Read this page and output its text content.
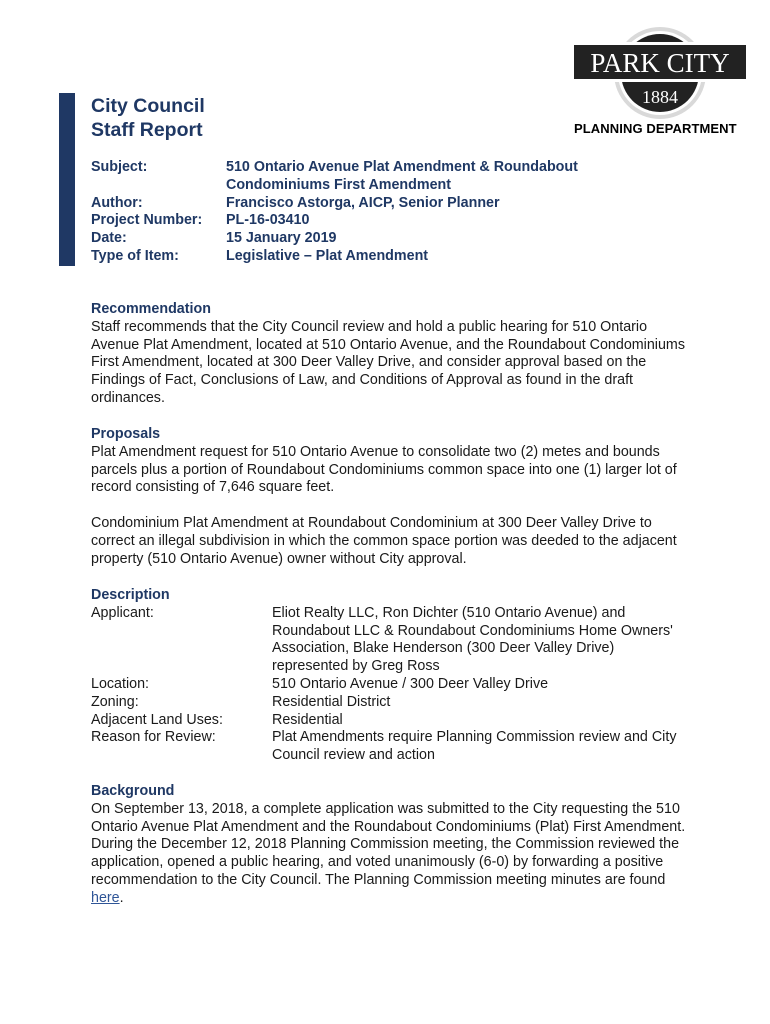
City Council
Staff Report
PARK CITY
1884
PLANNING DEPARTMENT
Subject:	510 Ontario Avenue Plat Amendment & Roundabout Condominiums First Amendment
Author:	Francisco Astorga, AICP, Senior Planner
Project Number:	PL-16-03410
Date:	15 January 2019
Type of Item:	Legislative – Plat Amendment
Recommendation
Staff recommends that the City Council review and hold a public hearing for 510 Ontario Avenue Plat Amendment, located at 510 Ontario Avenue, and the Roundabout Condominiums First Amendment, located at 300 Deer Valley Drive, and consider approval based on the Findings of Fact, Conclusions of Law, and Conditions of Approval as found in the draft ordinances.
Proposals
Plat Amendment request for 510 Ontario Avenue to consolidate two (2) metes and bounds parcels plus a portion of Roundabout Condominiums common space into one (1) larger lot of record consisting of 7,646 square feet.
Condominium Plat Amendment at Roundabout Condominium at 300 Deer Valley Drive to correct an illegal subdivision in which the common space portion was deeded to the adjacent property (510 Ontario Avenue) owner without City approval.
Description
Applicant:	Eliot Realty LLC, Ron Dichter (510 Ontario Avenue) and Roundabout LLC & Roundabout Condominiums Home Owners' Association, Blake Henderson (300 Deer Valley Drive) represented by Greg Ross
Location:	510 Ontario Avenue / 300 Deer Valley Drive
Zoning:	Residential District
Adjacent Land Uses:	Residential
Reason for Review:	Plat Amendments require Planning Commission review and City Council review and action
Background
On September 13, 2018, a complete application was submitted to the City requesting the 510 Ontario Avenue Plat Amendment and the Roundabout Condominiums (Plat) First Amendment. During the December 12, 2018 Planning Commission meeting, the Commission reviewed the application, opened a public hearing, and voted unanimously (6-0) by forwarding a positive recommendation to the City Council. The Planning Commission meeting minutes are found here.
